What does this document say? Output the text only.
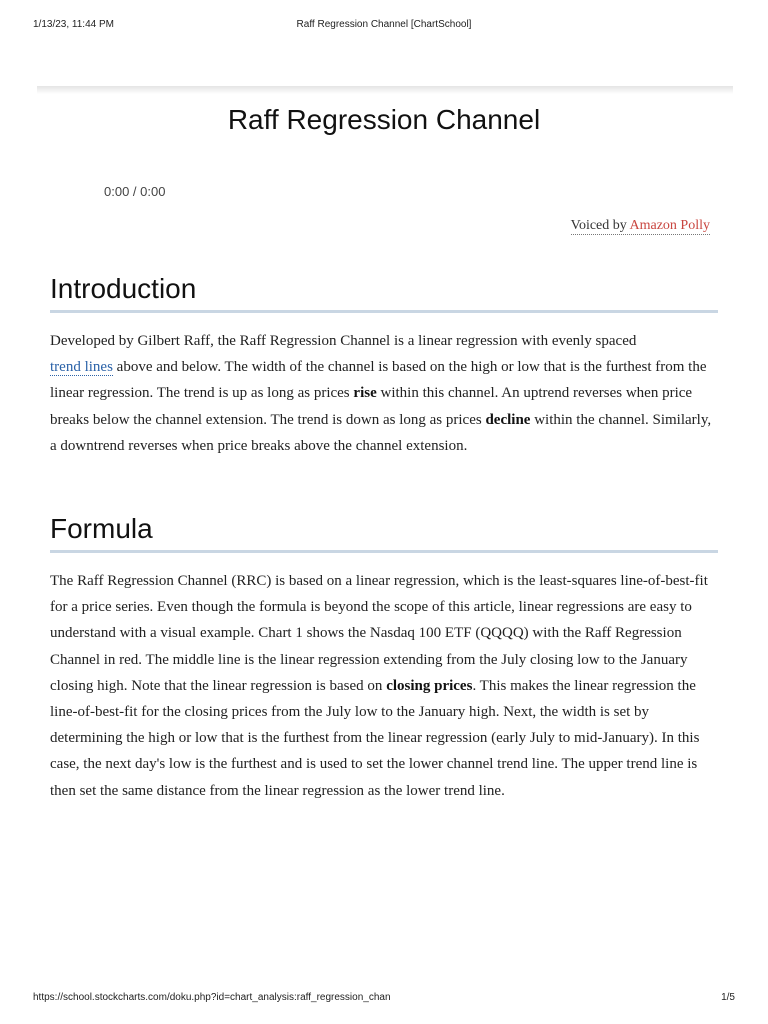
1/13/23, 11:44 PM	Raff Regression Channel [ChartSchool]
Raff Regression Channel
0:00 / 0:00
Voiced by Amazon Polly
Introduction

Developed by Gilbert Raff, the Raff Regression Channel is a linear regression with evenly spaced
trend lines above and below. The width of the channel is based on the high or low that is the furthest from the linear regression. The trend is up as long as prices rise within this channel. An uptrend reverses when price breaks below the channel extension. The trend is down as long as prices decline within the channel. Similarly, a downtrend reverses when price breaks above the channel extension.

Formula

The Raff Regression Channel (RRC) is based on a linear regression, which is the least-squares line-of-best-fit for a price series. Even though the formula is beyond the scope of this article, linear regressions are easy to understand with a visual example. Chart 1 shows the Nasdaq 100 ETF (QQQQ) with the Raff Regression Channel in red. The middle line is the linear regression extending from the July closing low to the January closing high. Note that the linear regression is based on closing prices. This makes the linear regression the line-of-best-fit for the closing prices from the July low to the January high. Next, the width is set by determining the high or low that is the furthest from the linear regression (early July to mid-January). In this case, the next day's low is the furthest and is used to set the lower channel trend line. The upper trend line is then set the same distance from the linear regression as the lower trend line.

https://school.stockcharts.com/doku.php?id=chart_analysis:raff_regression_chan	1/5
